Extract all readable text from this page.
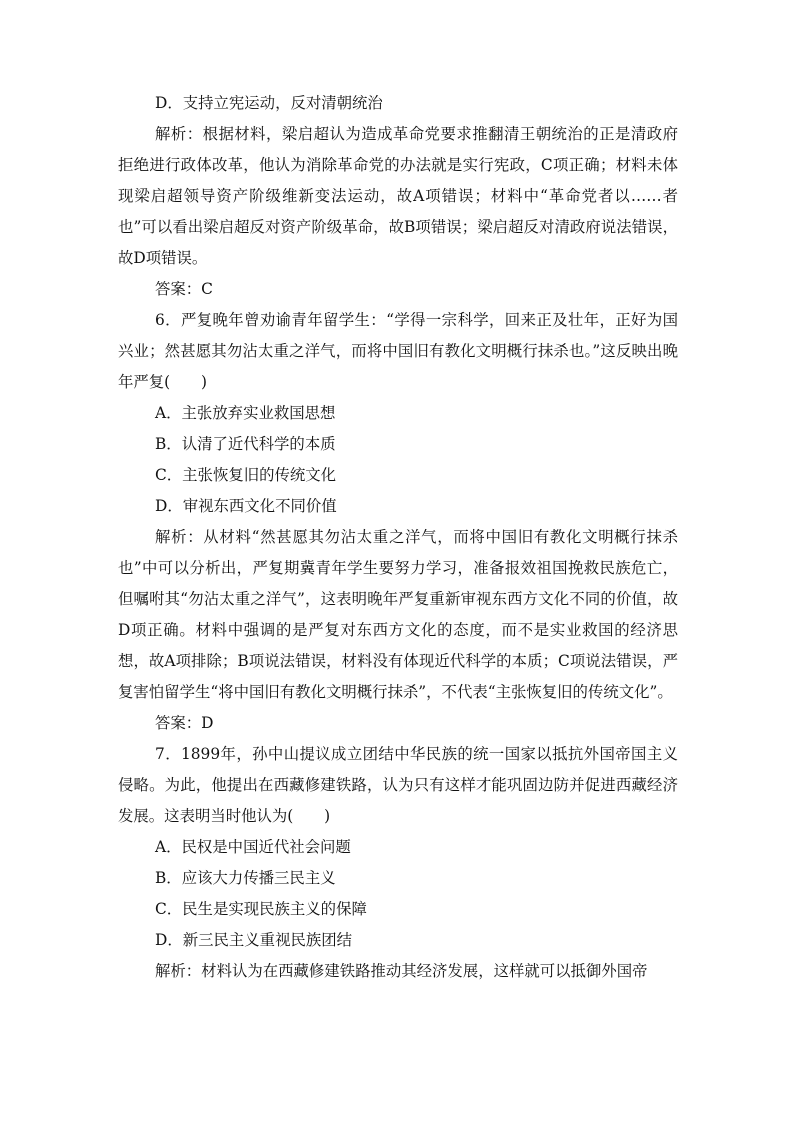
D．支持立宪运动，反对清朝统治

解析：根据材料，梁启超认为造成革命党要求推翻清王朝统治的正是清政府拒绝进行政体改革，他认为消除革命党的办法就是实行宪政，C项正确；材料未体现梁启超领导资产阶级维新变法运动，故A项错误；材料中“革命党者以……者也”可以看出梁启超反对资产阶级革命，故B项错误；梁启超反对清政府说法错误，故D项错误。

答案：C

6．严复晚年曾劝谕青年留学生：“学得一宗科学，回来正及壮年，正好为国兴业；然甚愿其勿沾太重之洋气，而将中国旧有教化文明概行抹杀也。”这反映出晚年严复(　　)

A．主张放弃实业救国思想

B．认清了近代科学的本质

C．主张恢复旧的传统文化

D．审视东西文化不同价值

解析：从材料“然甚愿其勿沾太重之洋气，而将中国旧有教化文明概行抹杀也”中可以分析出，严复期冀青年学生要努力学习，准备报效祖国挽救民族危亡，但嘱咐其“勿沾太重之洋气”，这表明晚年严复重新审视东西方文化不同的价值，故D项正确。材料中强调的是严复对东西方文化的态度，而不是实业救国的经济思想，故A项排除；B项说法错误，材料没有体现近代科学的本质；C项说法错误，严复害怕留学生“将中国旧有教化文明概行抹杀”，不代表“主张恢复旧的传统文化”。

答案：D

7．1899年，孙中山提议成立团结中华民族的统一国家以抵抗外国帝国主义侵略。为此，他提出在西藏修建铁路，认为只有这样才能巩固边防并促进西藏经济发展。这表明当时他认为(　　)

A．民权是中国近代社会问题

B．应该大力传播三民主义

C．民生是实现民族主义的保障

D．新三民主义重视民族团结

解析：材料认为在西藏修建铁路推动其经济发展，这样就可以抵御外国帝
